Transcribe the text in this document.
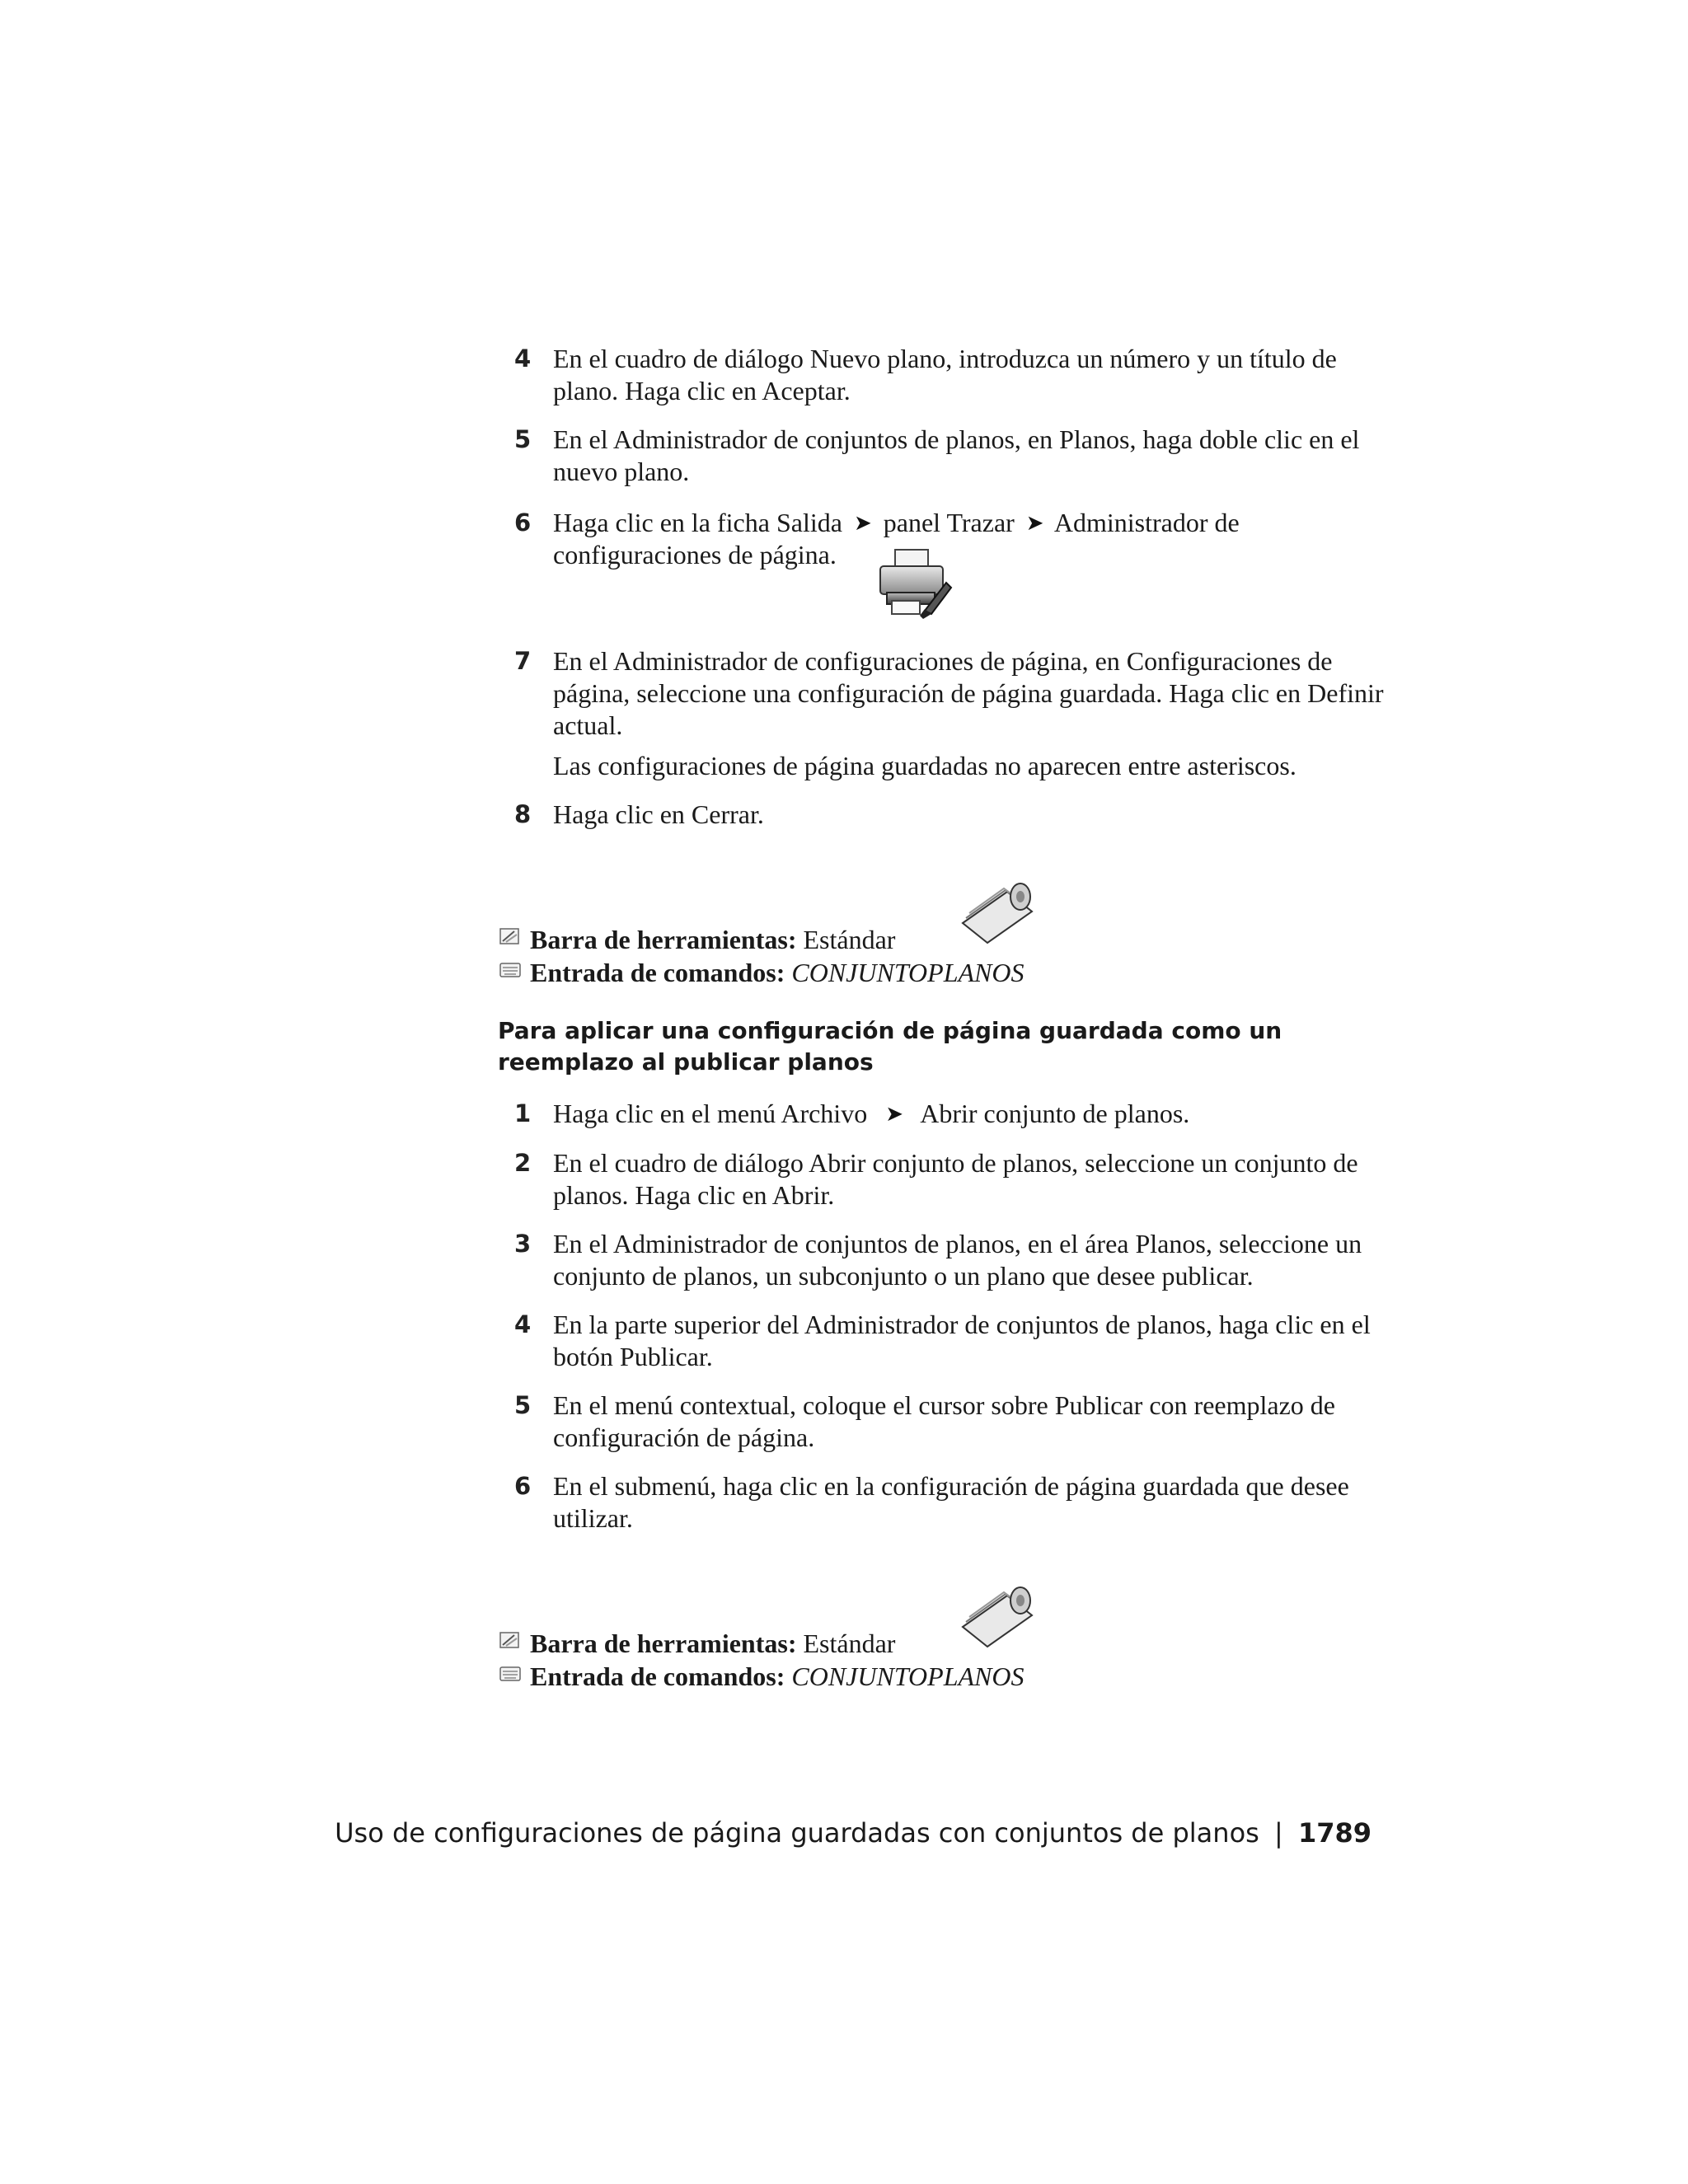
4 En el cuadro de diálogo Nuevo plano, introduzca un número y un título de plano. Haga clic en Aceptar.

5 En el Administrador de conjuntos de planos, en Planos, haga doble clic en el nuevo plano.

6 Haga clic en la ficha Salida ➤ panel Trazar ➤ Administrador de configuraciones de página.

7 En el Administrador de configuraciones de página, en Configuraciones de página, seleccione una configuración de página guardada. Haga clic en Definir actual.

Las configuraciones de página guardadas no aparecen entre asteriscos.

8 Haga clic en Cerrar.

Barra de herramientas: Estándar
Entrada de comandos: CONJUNTOPLANOS
Para aplicar una configuración de página guardada como un reemplazo al publicar planos
1 Haga clic en el menú Archivo ➤ Abrir conjunto de planos.

2 En el cuadro de diálogo Abrir conjunto de planos, seleccione un conjunto de planos. Haga clic en Abrir.

3 En el Administrador de conjuntos de planos, en el área Planos, seleccione un conjunto de planos, un subconjunto o un plano que desee publicar.

4 En la parte superior del Administrador de conjuntos de planos, haga clic en el botón Publicar.

5 En el menú contextual, coloque el cursor sobre Publicar con reemplazo de configuración de página.

6 En el submenú, haga clic en la configuración de página guardada que desee utilizar.

Barra de herramientas: Estándar
Entrada de comandos: CONJUNTOPLANOS
Uso de configuraciones de página guardadas con conjuntos de planos | 1789
